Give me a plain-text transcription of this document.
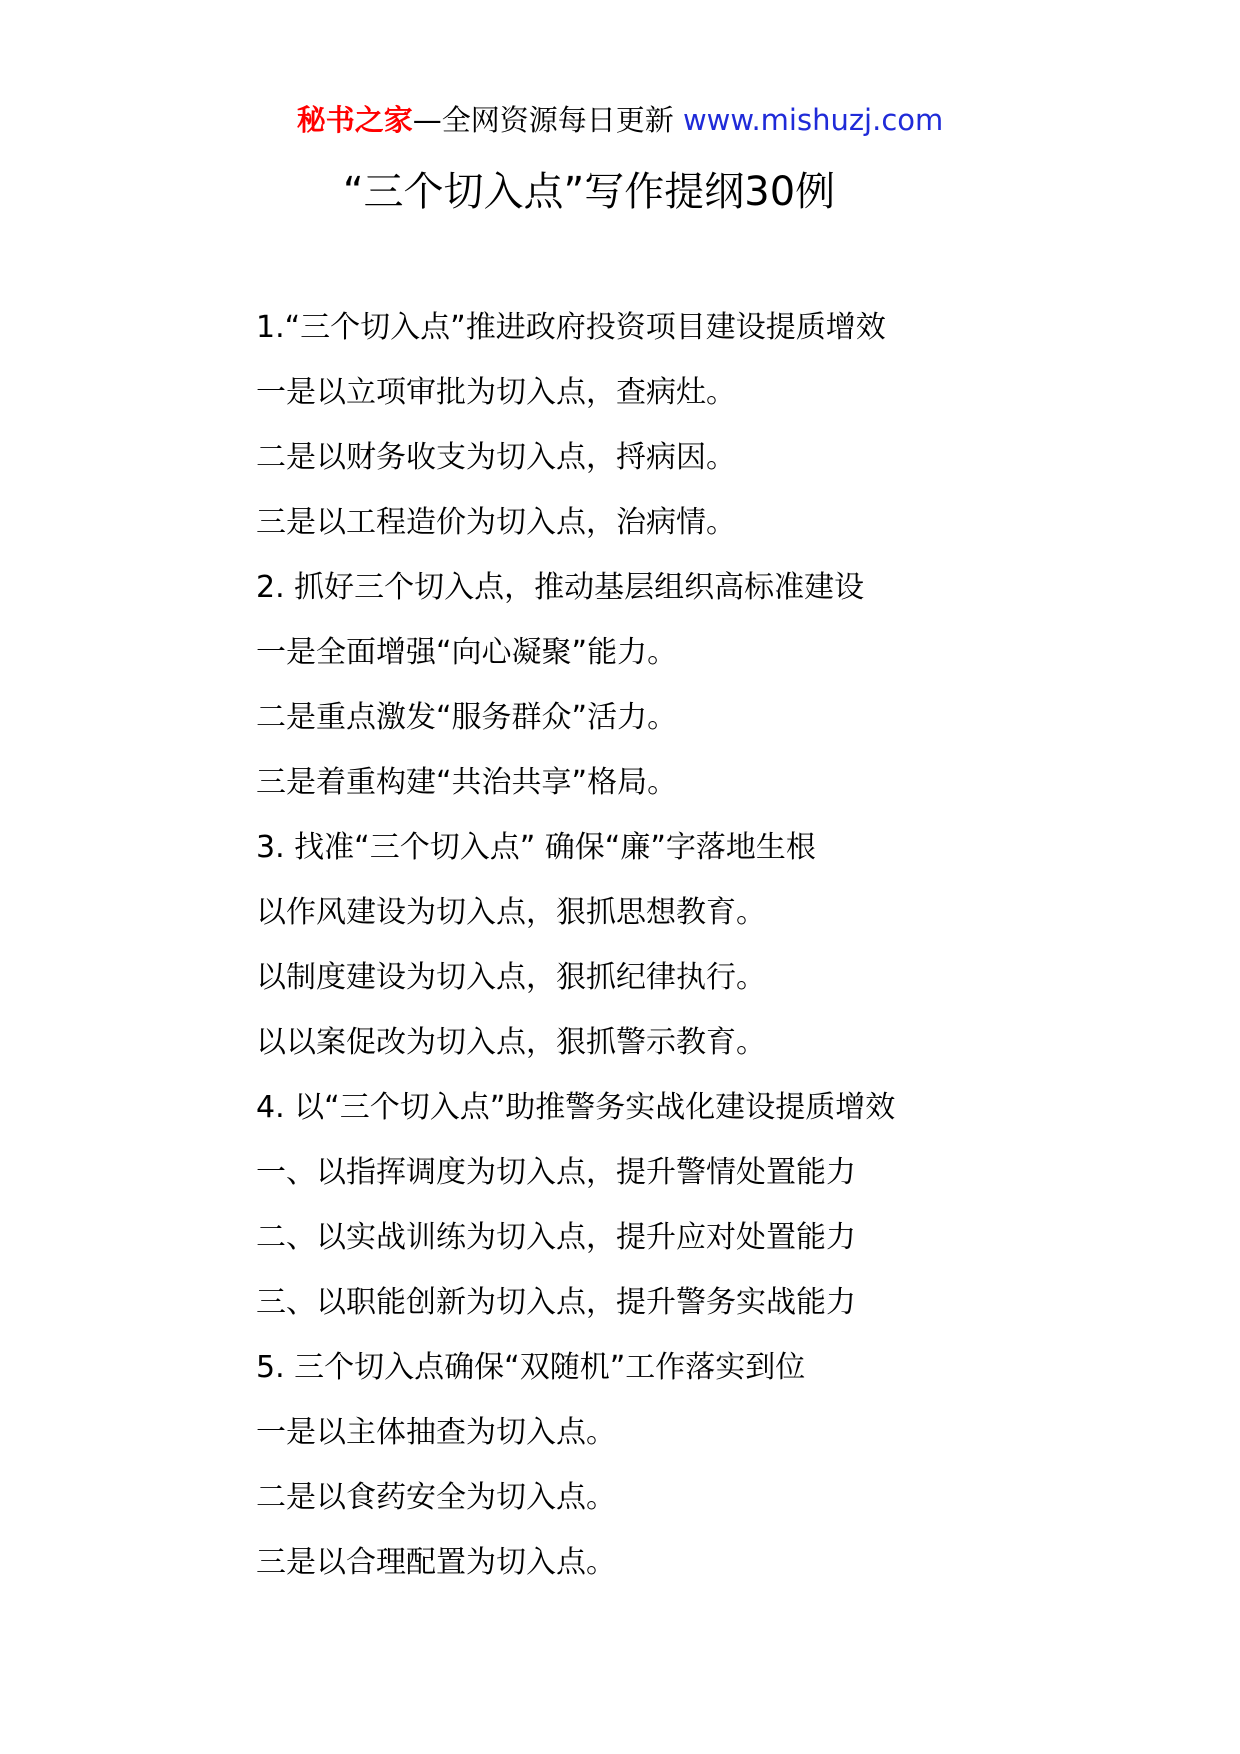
秘书之家—全网资源每日更新 www.mishuzj.com
“三个切入点”写作提纲30例
1.“三个切入点”推进政府投资项目建设提质增效
一是以立项审批为切入点，查病灶。
二是以财务收支为切入点，捋病因。
三是以工程造价为切入点，治病情。
2. 抓好三个切入点，推动基层组织高标准建设
一是全面增强“向心凝聚”能力。
二是重点激发“服务群众”活力。
三是着重构建“共治共享”格局。
3. 找准“三个切入点” 确保“廉”字落地生根
以作风建设为切入点，狠抓思想教育。
以制度建设为切入点，狠抓纪律执行。
以以案促改为切入点，狠抓警示教育。
4. 以“三个切入点”助推警务实战化建设提质增效
一、以指挥调度为切入点，提升警情处置能力
二、以实战训练为切入点，提升应对处置能力
三、以职能创新为切入点，提升警务实战能力
5. 三个切入点确保“双随机”工作落实到位
一是以主体抽查为切入点。
二是以食药安全为切入点。
三是以合理配置为切入点。
